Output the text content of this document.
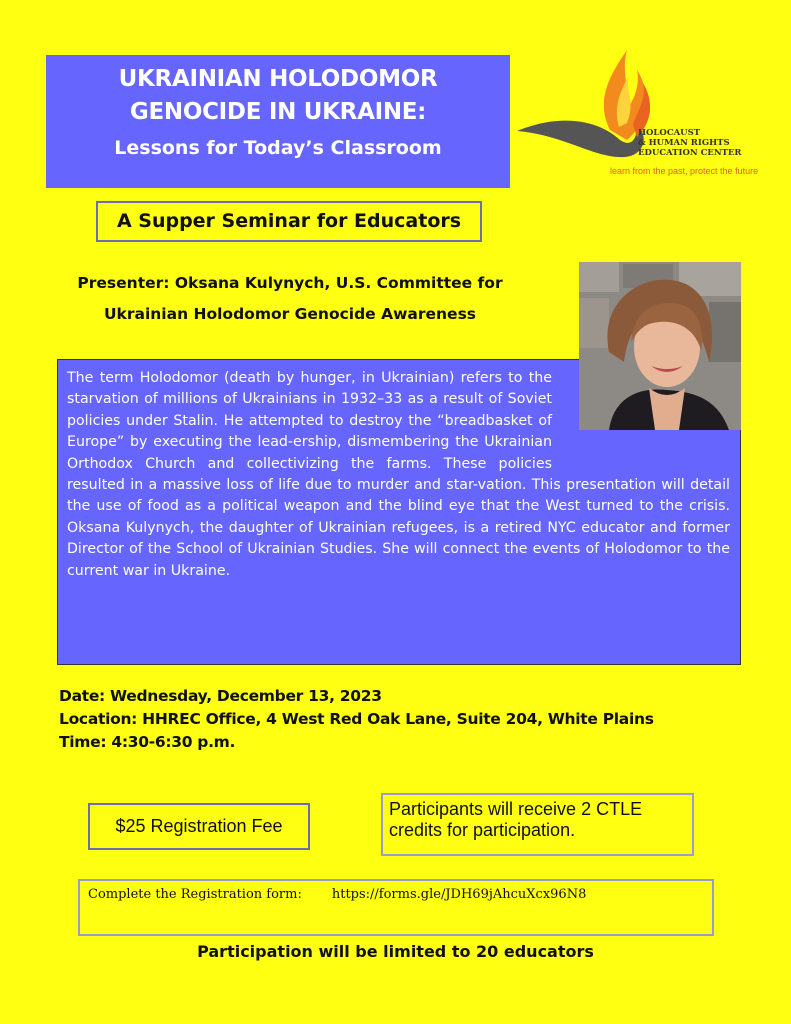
UKRAINIAN HOLODOMOR
GENOCIDE IN UKRAINE:
Lessons for Today’s Classroom
HOLOCAUST
& HUMAN RIGHTS
EDUCATION CENTER
learn from the past, protect the future
A Supper Seminar for Educators
Presenter: Oksana Kulynych, U.S. Committee for
Ukrainian Holodomor Genocide Awareness
The term Holodomor (death by hunger, in Ukrainian) refers to the starvation of millions of Ukrainians in 1932–33 as a result of Soviet policies under Stalin. He attempted to destroy the “breadbasket of Europe” by executing the lead-ership, dismembering the Ukrainian Orthodox Church and collectivizing the farms. These policies resulted in a massive loss of life due to murder and star-vation. This presentation will detail the use of food as a political weapon and the blind eye that the West turned to the crisis. Oksana Kulynych, the daughter of Ukrainian refugees, is a retired NYC educator and former Director of the School of Ukrainian Studies. She will connect the events of Holodomor to the current war in Ukraine.
Date: Wednesday, December 13, 2023
Location: HHREC Office, 4 West Red Oak Lane, Suite 204, White Plains
Time: 4:30-6:30 p.m.
$25 Registration Fee
Participants will receive 2 CTLE
credits for participation.
Complete the Registration form: https://forms.gle/JDH69jAhcuXcx96N8
Participation will be limited to 20 educators
